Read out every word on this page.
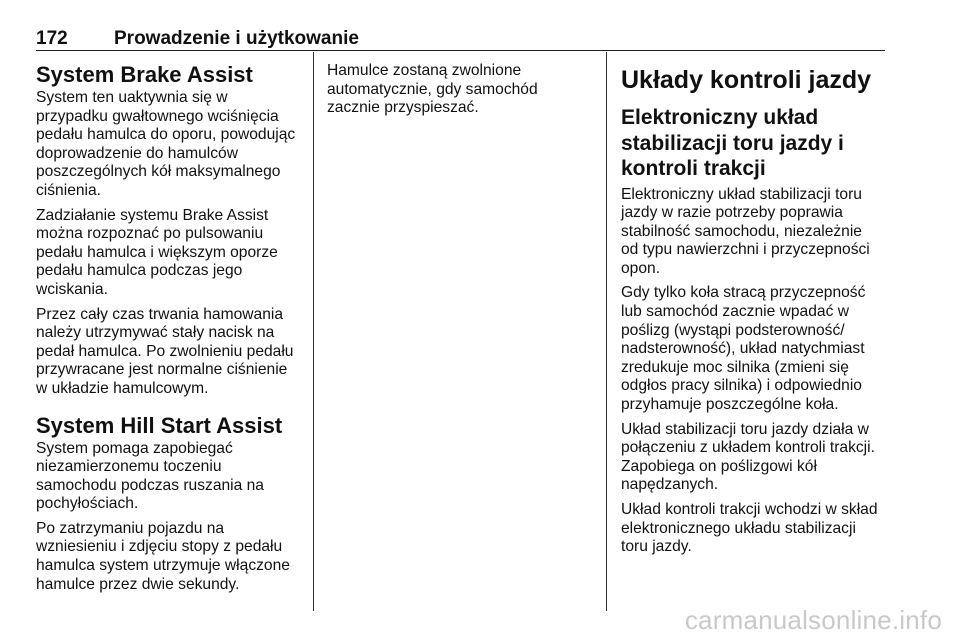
172 Prowadzenie i użytkowanie
System Brake Assist

System ten uaktywnia się w
przypadku gwałtownego wciśnięcia
pedału hamulca do oporu, powodując
doprowadzenie do hamulców
poszczególnych kół maksymalnego
ciśnienia.

Zadziałanie systemu Brake Assist
można rozpoznać po pulsowaniu
pedału hamulca i większym oporze
pedału hamulca podczas jego
wciskania.

Przez cały czas trwania hamowania
należy utrzymywać stały nacisk na
pedał hamulca. Po zwolnieniu pedału
przywracane jest normalne ciśnienie
w układzie hamulcowym.

System Hill Start Assist

System pomaga zapobiegać
niezamierzonemu toczeniu
samochodu podczas ruszania na
pochyłościach.

Po zatrzymaniu pojazdu na
wzniesieniu i zdjęciu stopy z pedału
hamulca system utrzymuje włączone
hamulce przez dwie sekundy.

Hamulce zostaną zwolnione
automatycznie, gdy samochód
zacznie przyspieszać.

Układy kontroli jazdy
Elektroniczny układ
stabilizacji toru jazdy i
kontroli trakcji

Elektroniczny układ stabilizacji toru
jazdy w razie potrzeby poprawia
stabilność samochodu, niezależnie
od typu nawierzchni i przyczepności
opon.

Gdy tylko koła stracą przyczepność
lub samochód zacznie wpadać w
poślizg (wystąpi podsterowność/
nadsterowność), układ natychmiast
zredukuje moc silnika (zmieni się
odgłos pracy silnika) i odpowiednio
przyhamuje poszczególne koła.

Układ stabilizacji toru jazdy działa w
połączeniu z układem kontroli trakcji.
Zapobiega on poślizgowi kół
napędzanych.

Układ kontroli trakcji wchodzi w skład
elektronicznego układu stabilizacji
toru jazdy.

carmanualsonline.info
